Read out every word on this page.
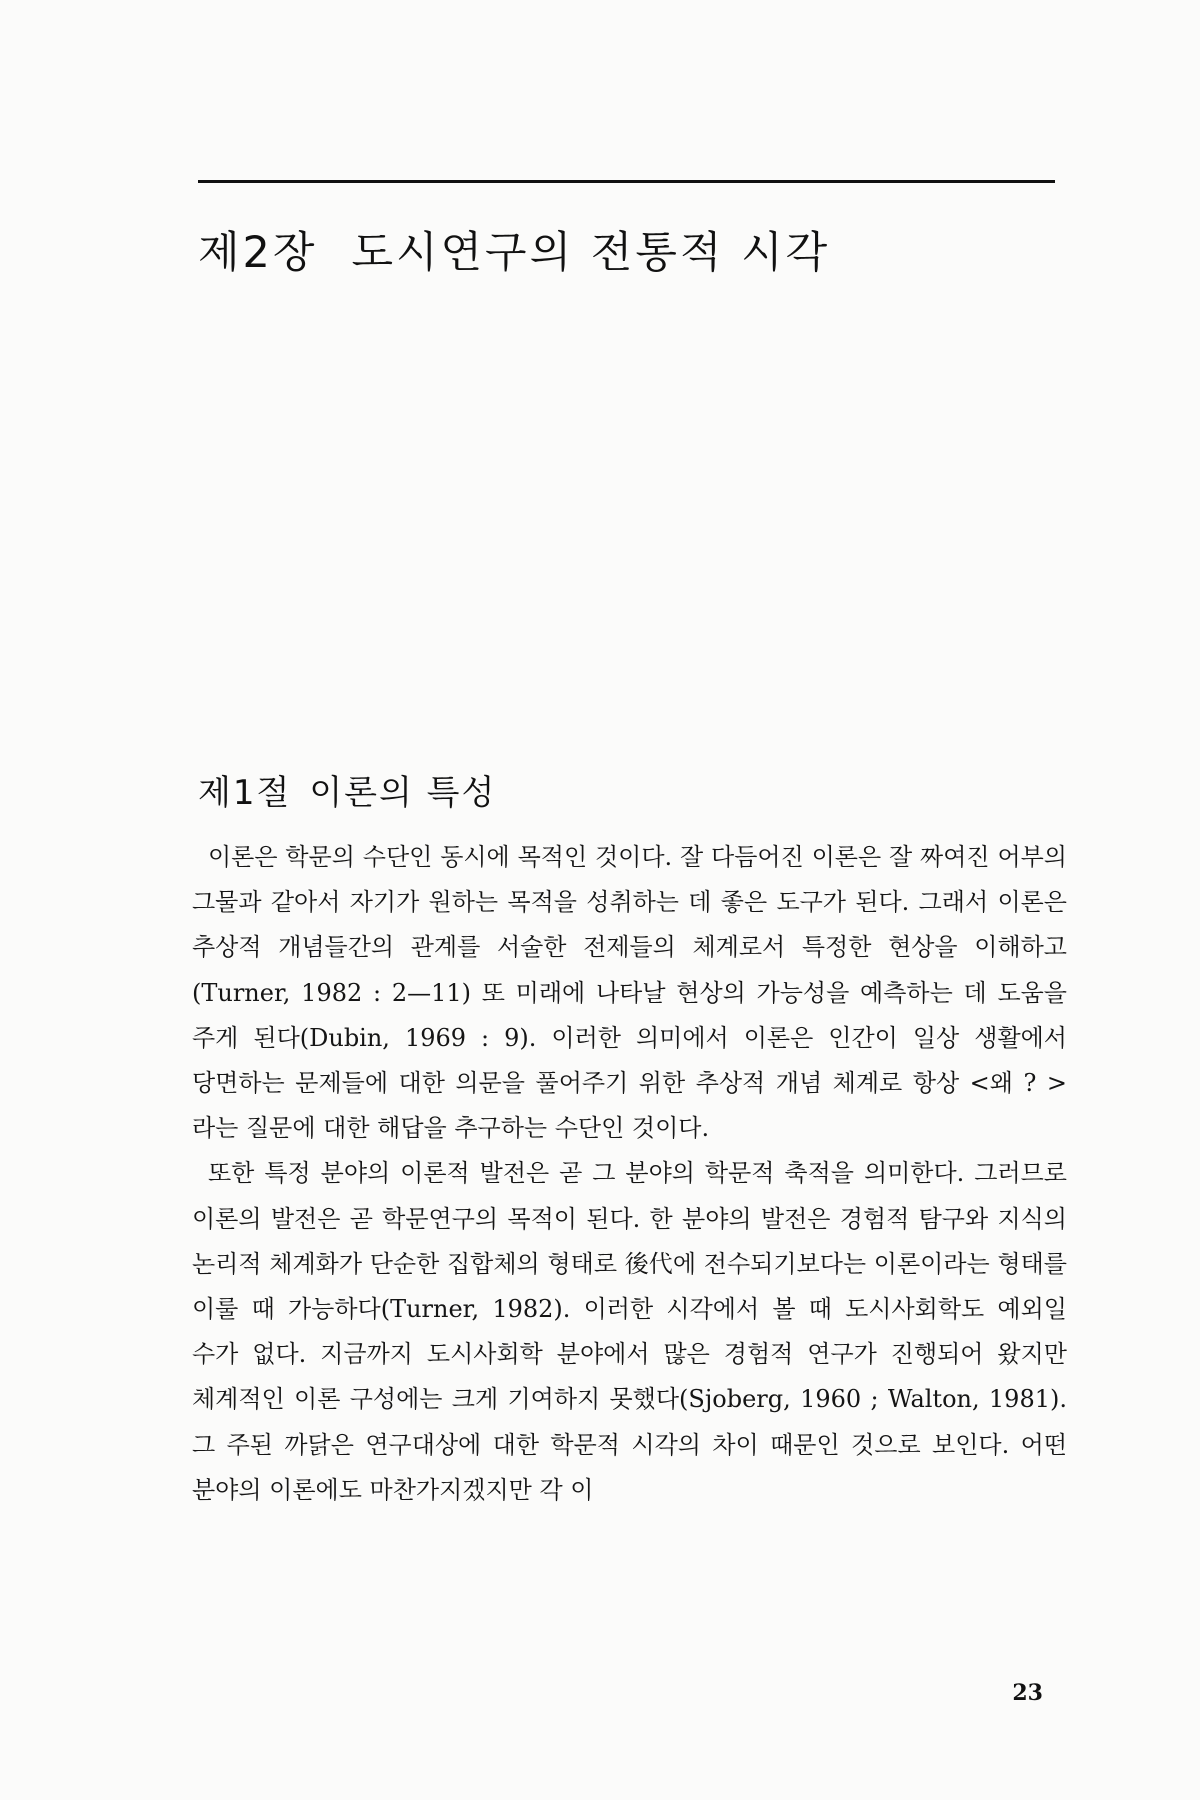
제2장 도시연구의 전통적 시각
제1절 이론의 특성

이론은 학문의 수단인 동시에 목적인 것이다. 잘 다듬어진 이론은 잘 짜여진 어부의 그물과 같아서 자기가 원하는 목적을 성취하는 데 좋은 도구가 된다. 그래서 이론은 추상적 개념들간의 관계를 서술한 전제들의 체계로서 특정한 현상을 이해하고(Turner, 1982 : 2—11) 또 미래에 나타날 현상의 가능성을 예측하는 데 도움을 주게 된다(Dubin, 1969 : 9). 이러한 의미에서 이론은 인간이 일상 생활에서 당면하는 문제들에 대한 의문을 풀어주기 위한 추상적 개념 체계로 항상 <왜 ? >라는 질문에 대한 해답을 추구하는 수단인 것이다.

또한 특정 분야의 이론적 발전은 곧 그 분야의 학문적 축적을 의미한다. 그러므로 이론의 발전은 곧 학문연구의 목적이 된다. 한 분야의 발전은 경험적 탐구와 지식의 논리적 체계화가 단순한 집합체의 형태로 後代에 전수되기보다는 이론이라는 형태를 이룰 때 가능하다(Turner, 1982). 이러한 시각에서 볼 때 도시사회학도 예외일 수가 없다. 지금까지 도시사회학 분야에서 많은 경험적 연구가 진행되어 왔지만 체계적인 이론 구성에는 크게 기여하지 못했다(Sjoberg, 1960 ; Walton, 1981). 그 주된 까닭은 연구대상에 대한 학문적 시각의 차이 때문인 것으로 보인다. 어떤 분야의 이론에도 마찬가지겠지만 각 이

23
